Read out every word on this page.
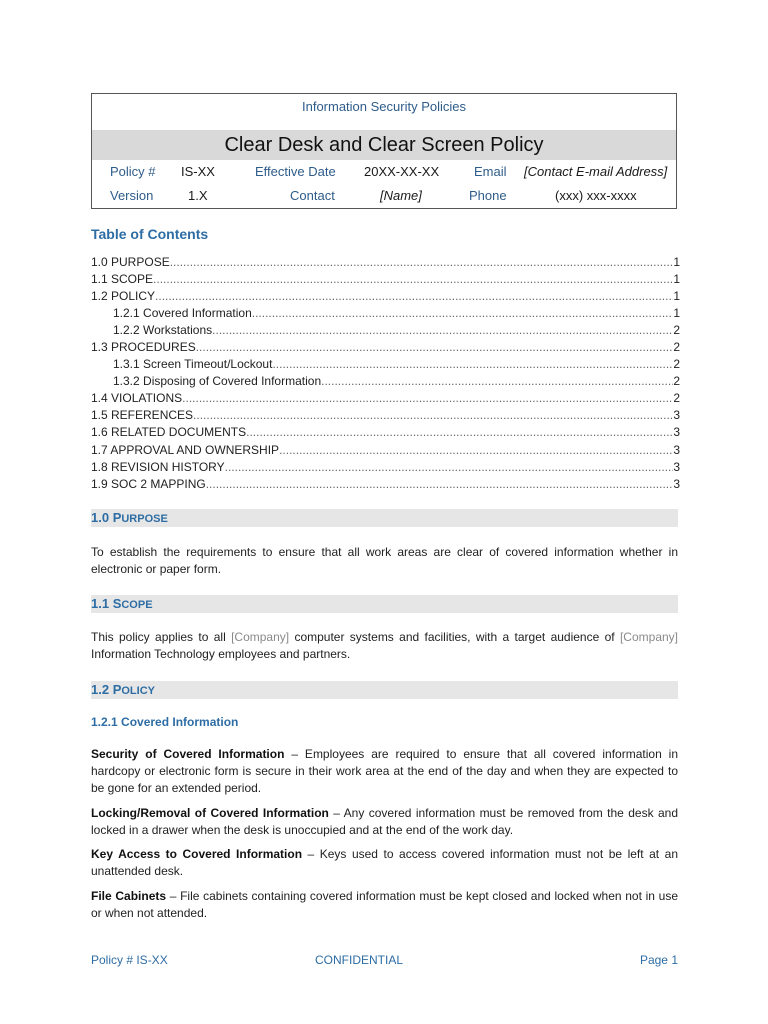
Information Security Policies
Clear Desk and Clear Screen Policy
Policy # IS-XX	Effective Date 20XX-XX-XX	Email [Contact E-mail Address]
Version	1.X	Contact	[Name]	Phone	(xxx) xxx-xxxx
Table of Contents
1.0 PURPOSE .....	1
1.1 SCOPE .....	1
1.2 POLICY .....	1
1.2.1 Covered Information .....	1
1.2.2 Workstations .....	2
1.3 PROCEDURES .....	2
1.3.1 Screen Timeout/Lockout .....	2
1.3.2 Disposing of Covered Information .....	2
1.4 VIOLATIONS .....	2
1.5 REFERENCES .....	3
1.6 RELATED DOCUMENTS .....	3
1.7 APPROVAL AND OWNERSHIP .....	3
1.8 REVISION HISTORY .....	3
1.9 SOC 2 MAPPING .....	3
1.0 PURPOSE

To establish the requirements to ensure that all work areas are clear of covered information whether in electronic or paper form.

1.1 SCOPE

This policy applies to all [Company] computer systems and facilities, with a target audience of [Company] Information Technology employees and partners.

1.2 POLICY
1.2.1 Covered Information

Security of Covered Information – Employees are required to ensure that all covered information in hardcopy or electronic form is secure in their work area at the end of the day and when they are expected to be gone for an extended period.

Locking/Removal of Covered Information – Any covered information must be removed from the desk and locked in a drawer when the desk is unoccupied and at the end of the work day.

Key Access to Covered Information – Keys used to access covered information must not be left at an unattended desk.

File Cabinets – File cabinets containing covered information must be kept closed and locked when not in use or when not attended.

Policy # IS-XX	CONFIDENTIAL	Page 1
